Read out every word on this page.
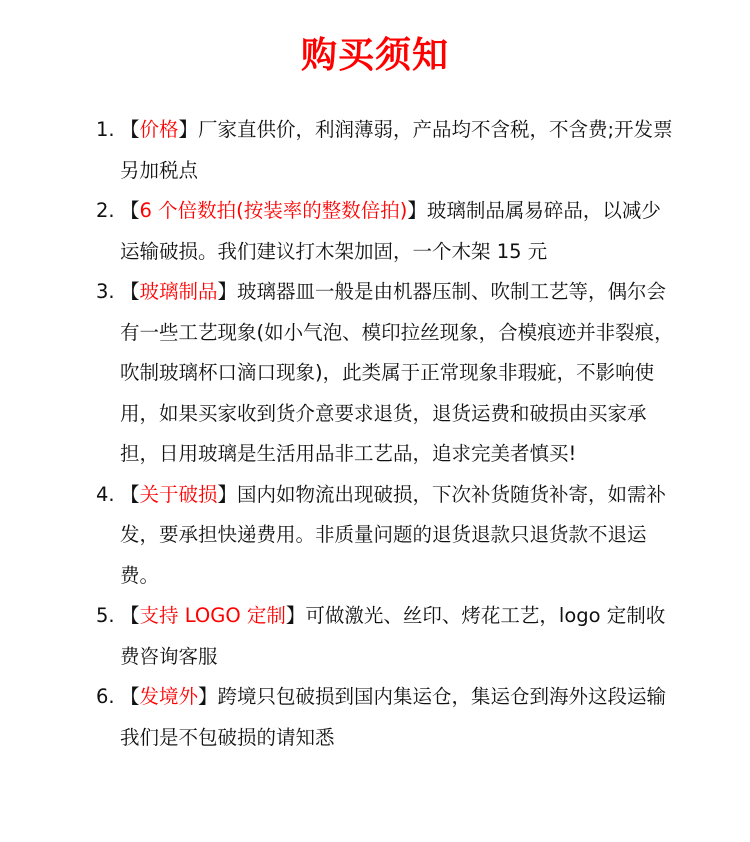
购买须知
1. 【价格】厂家直供价，利润薄弱，产品均不含税，不含费;开发票另加税点
2. 【6 个倍数拍(按装率的整数倍拍)】玻璃制品属易碎品，以减少运输破损。我们建议打木架加固，一个木架 15 元
3. 【玻璃制品】玻璃器皿一般是由机器压制、吹制工艺等，偶尔会有一些工艺现象(如小气泡、模印拉丝现象，合模痕迹并非裂痕，吹制玻璃杯口滴口现象)，此类属于正常现象非瑕疵，不影响使用，如果买家收到货介意要求退货，退货运费和破损由买家承担，日用玻璃是生活用品非工艺品，追求完美者慎买!
4. 【关于破损】国内如物流出现破损，下次补货随货补寄，如需补发，要承担快递费用。非质量问题的退货退款只退货款不退运费。
5. 【支持 LOGO 定制】可做激光、丝印、烤花工艺，logo 定制收费咨询客服
6. 【发境外】跨境只包破损到国内集运仓，集运仓到海外这段运输我们是不包破损的请知悉
